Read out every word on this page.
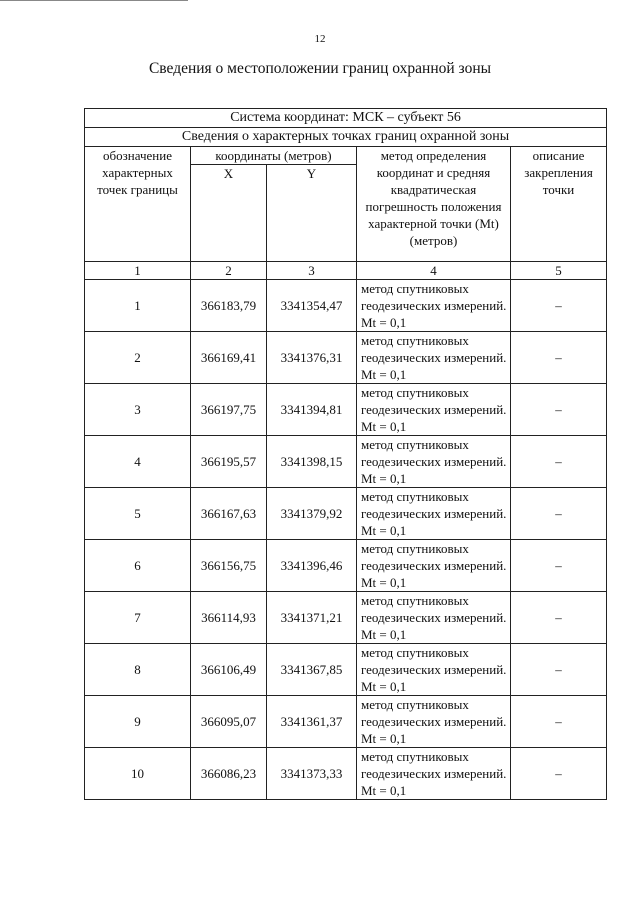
12
Сведения о местоположении границ охранной зоны
Система координат: МСК – субъект 56				
Сведения о характерных точках границ охранной зоны				
обозначение характерных точек границы	координаты (метров)		метод определения координат и средняя квадратическая погрешность положения характерной точки (Mt) (метров)	описание закрепления точки
	X	Y		
1	2	3	4	5
1	366183,79	3341354,47	метод спутниковых геодезических измерений. Mt = 0,1	–
2	366169,41	3341376,31	метод спутниковых геодезических измерений. Mt = 0,1	–
3	366197,75	3341394,81	метод спутниковых геодезических измерений. Mt = 0,1	–
4	366195,57	3341398,15	метод спутниковых геодезических измерений. Mt = 0,1	–
5	366167,63	3341379,92	метод спутниковых геодезических измерений. Mt = 0,1	–
6	366156,75	3341396,46	метод спутниковых геодезических измерений. Mt = 0,1	–
7	366114,93	3341371,21	метод спутниковых геодезических измерений. Mt = 0,1	–
8	366106,49	3341367,85	метод спутниковых геодезических измерений. Mt = 0,1	–
9	366095,07	3341361,37	метод спутниковых геодезических измерений. Mt = 0,1	–
10	366086,23	3341373,33	метод спутниковых геодезических измерений. Mt = 0,1	–
